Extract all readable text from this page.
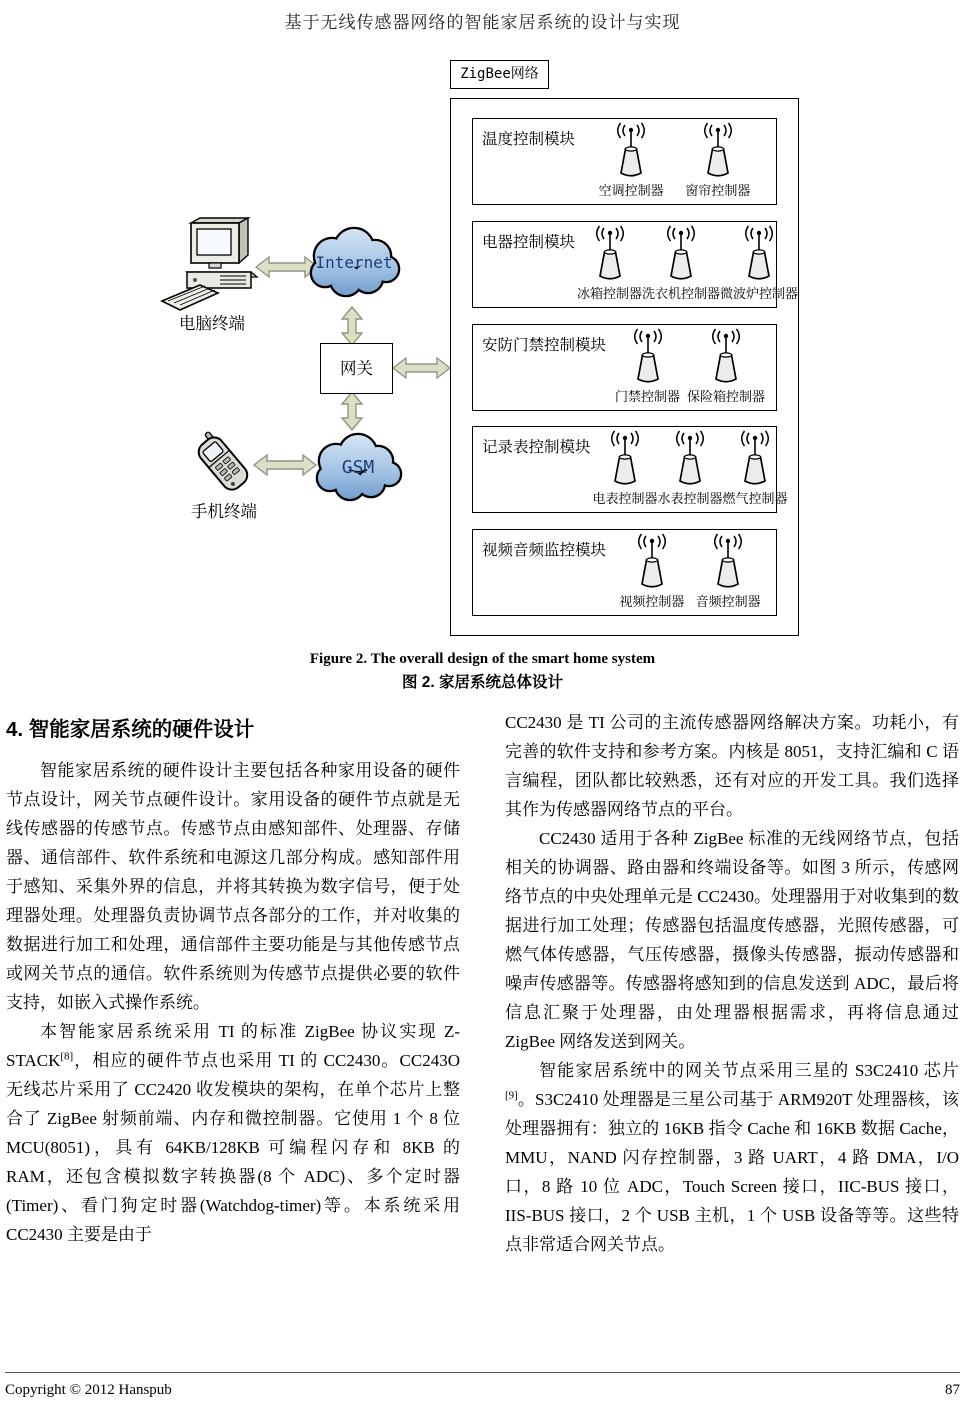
基于无线传感器网络的智能家居系统的设计与实现
电脑终端
Internet
网关
GSM
手机终端
ZigBee网络
温度控制模块
空调控制器 窗帘控制器
电器控制模块
冰箱控制器 洗衣机控制器 微波炉控制器
安防门禁控制模块
门禁控制器 保险箱控制器
记录表控制模块
电表控制器 水表控制器 燃气控制器
视频音频监控模块
视频控制器 音频控制器
Figure 2. The overall design of the smart home system
图 2. 家居系统总体设计
4. 智能家居系统的硬件设计

智能家居系统的硬件设计主要包括各种家用设备的硬件节点设计，网关节点硬件设计。家用设备的硬件节点就是无线传感器的传感节点。传感节点由感知部件、处理器、存储器、通信部件、软件系统和电源这几部分构成。感知部件用于感知、采集外界的信息，并将其转换为数字信号，便于处理器处理。处理器负责协调节点各部分的工作，并对收集的数据进行加工和处理，通信部件主要功能是与其他传感节点或网关节点的通信。软件系统则为传感节点提供必要的软件支持，如嵌入式操作系统。

本智能家居系统采用 TI 的标准 ZigBee 协议实现 Z-STACK[8]，相应的硬件节点也采用 TI 的 CC2430。CC243O 无线芯片采用了 CC2420 收发模块的架构，在单个芯片上整合了 ZigBee 射频前端、内存和微控制器。它使用 1 个 8 位 MCU(8051)，具有 64KB/128KB 可编程闪存和 8KB 的 RAM，还包含模拟数字转换器(8 个 ADC)、多个定时器(Timer)、看门狗定时器(Watchdog-timer)等。本系统采用 CC2430 主要是由于

CC2430 是 TI 公司的主流传感器网络解决方案。功耗小，有完善的软件支持和参考方案。内核是 8051，支持汇编和 C 语言编程，团队都比较熟悉，还有对应的开发工具。我们选择其作为传感器网络节点的平台。

CC2430 适用于各种 ZigBee 标准的无线网络节点，包括相关的协调器、路由器和终端设备等。如图 3 所示，传感网络节点的中央处理单元是 CC2430。处理器用于对收集到的数据进行加工处理；传感器包括温度传感器，光照传感器，可燃气体传感器，气压传感器，摄像头传感器，振动传感器和噪声传感器等。传感器将感知到的信息发送到 ADC，最后将信息汇聚于处理器，由处理器根据需求，再将信息通过 ZigBee 网络发送到网关。

智能家居系统中的网关节点采用三星的 S3C2410 芯片[9]。S3C2410 处理器是三星公司基于 ARM920T 处理器核，该处理器拥有：独立的 16KB 指令 Cache 和 16KB 数据 Cache，MMU，NAND 闪存控制器，3 路 UART，4 路 DMA，I/O 口，8 路 10 位 ADC，Touch Screen 接口，IIC-BUS 接口，IIS-BUS 接口，2 个 USB 主机，1 个 USB 设备等等。这些特点非常适合网关节点。

Copyright © 2012 Hanspub	87
